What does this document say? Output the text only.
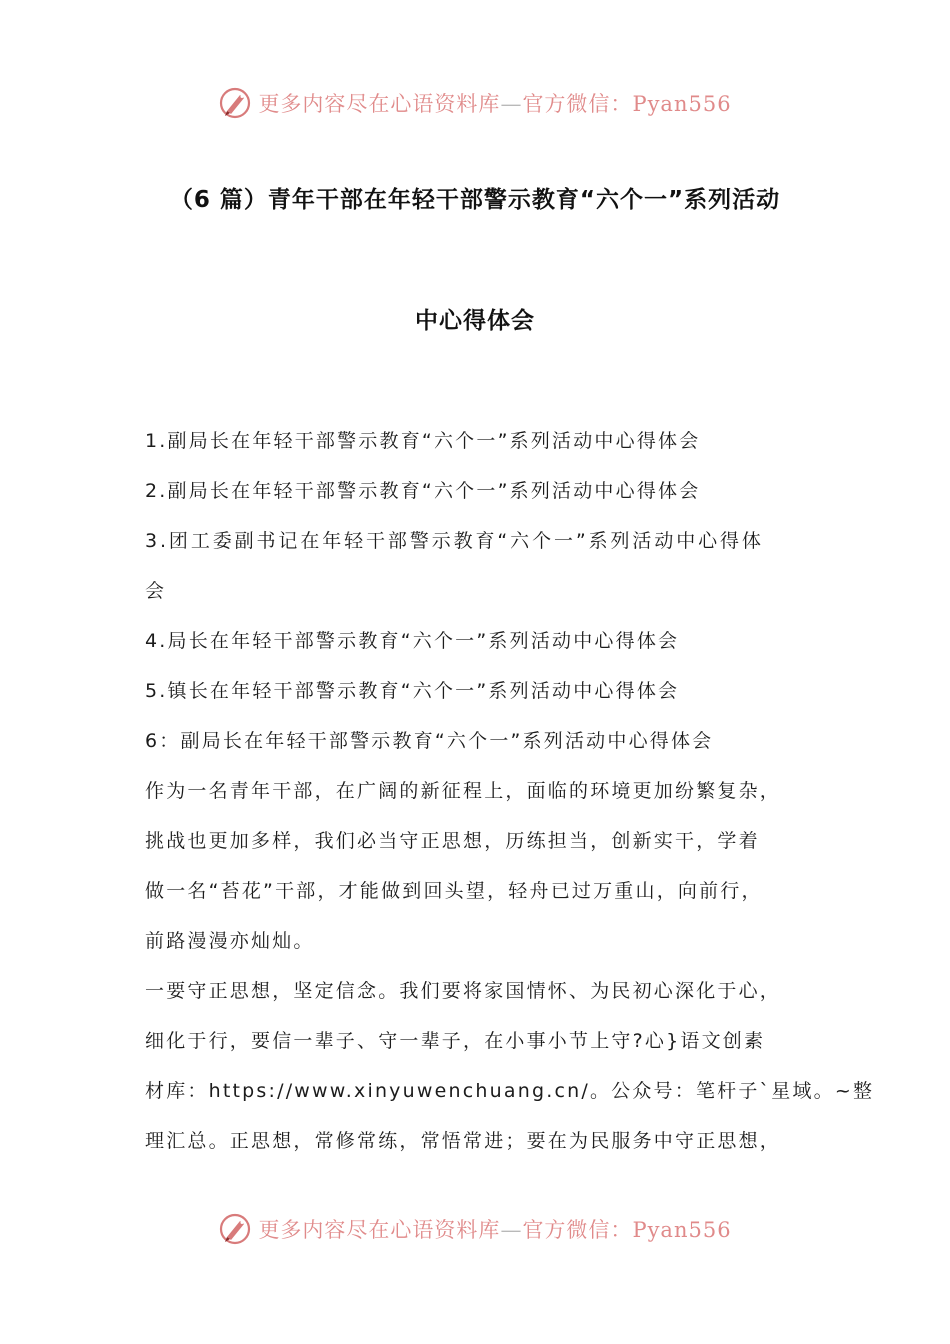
更多内容尽在心语资料库—官方微信：Pyan556
（6 篇）青年干部在年轻干部警示教育“六个一”系列活动
中心得体会
1.副局长在年轻干部警示教育“六个一”系列活动中心得体会
2.副局长在年轻干部警示教育“六个一”系列活动中心得体会
3.团工委副书记在年轻干部警示教育“六个一”系列活动中心得体
会
4.局长在年轻干部警示教育“六个一”系列活动中心得体会
5.镇长在年轻干部警示教育“六个一”系列活动中心得体会
6：副局长在年轻干部警示教育“六个一”系列活动中心得体会
作为一名青年干部，在广阔的新征程上，面临的环境更加纷繁复杂，
挑战也更加多样，我们必当守正思想，历练担当，创新实干，学着
做一名“苔花”干部，才能做到回头望，轻舟已过万重山，向前行，
前路漫漫亦灿灿。
一要守正思想，坚定信念。我们要将家国情怀、为民初心深化于心，
细化于行，要信一辈子、守一辈子，在小事小节上守?心}语文创素
材库：https://www.xinyuwenchuang.cn/。公众号：笔杆子`星域。~整
理汇总。正思想，常修常练，常悟常进；要在为民服务中守正思想，
更多内容尽在心语资料库—官方微信：Pyan556
